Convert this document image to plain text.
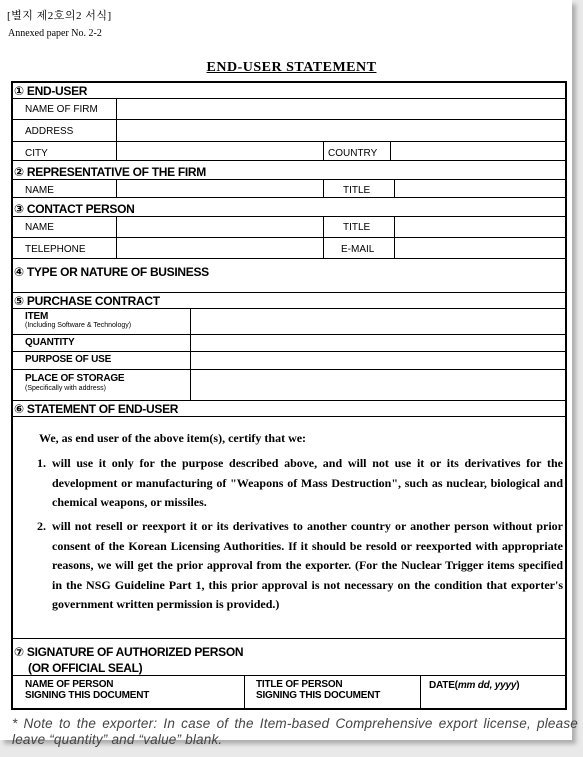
[별지 제2호의2 서식]
Annexed paper No. 2-2
END-USER STATEMENT
① END-USER
NAME OF FIRM
ADDRESS
CITY	COUNTRY
② REPRESENTATIVE OF THE FIRM
NAME	TITLE
③ CONTACT PERSON
NAME	TITLE
TELEPHONE	E-MAIL
④ TYPE OR NATURE OF BUSINESS
⑤ PURCHASE CONTRACT
ITEM
(Including Software & Technology)
QUANTITY
PURPOSE OF USE
PLACE OF STORAGE
(Specifically with address)
⑥ STATEMENT OF END-USER
We, as end user of the above item(s), certify that we:
1. will use it only for the purpose described above, and will not use it or its derivatives for the development or manufacturing of "Weapons of Mass Destruction", such as nuclear, biological and chemical weapons, or missiles.
2. will not resell or reexport it or its derivatives to another country or another person without prior consent of the Korean Licensing Authorities. If it should be resold or reexported with appropriate reasons, we will get the prior approval from the exporter. (For the Nuclear Trigger items specified in the NSG Guideline Part 1, this prior approval is not necessary on the condition that exporter's government written permission is provided.)
⑦ SIGNATURE OF AUTHORIZED PERSON
(OR OFFICIAL SEAL)
NAME OF PERSON
SIGNING THIS DOCUMENT
TITLE OF PERSON
SIGNING THIS DOCUMENT
DATE(mm dd, yyyy)
* Note to the exporter: In case of the Item-based Comprehensive export license, please leave “quantity” and “value” blank.
